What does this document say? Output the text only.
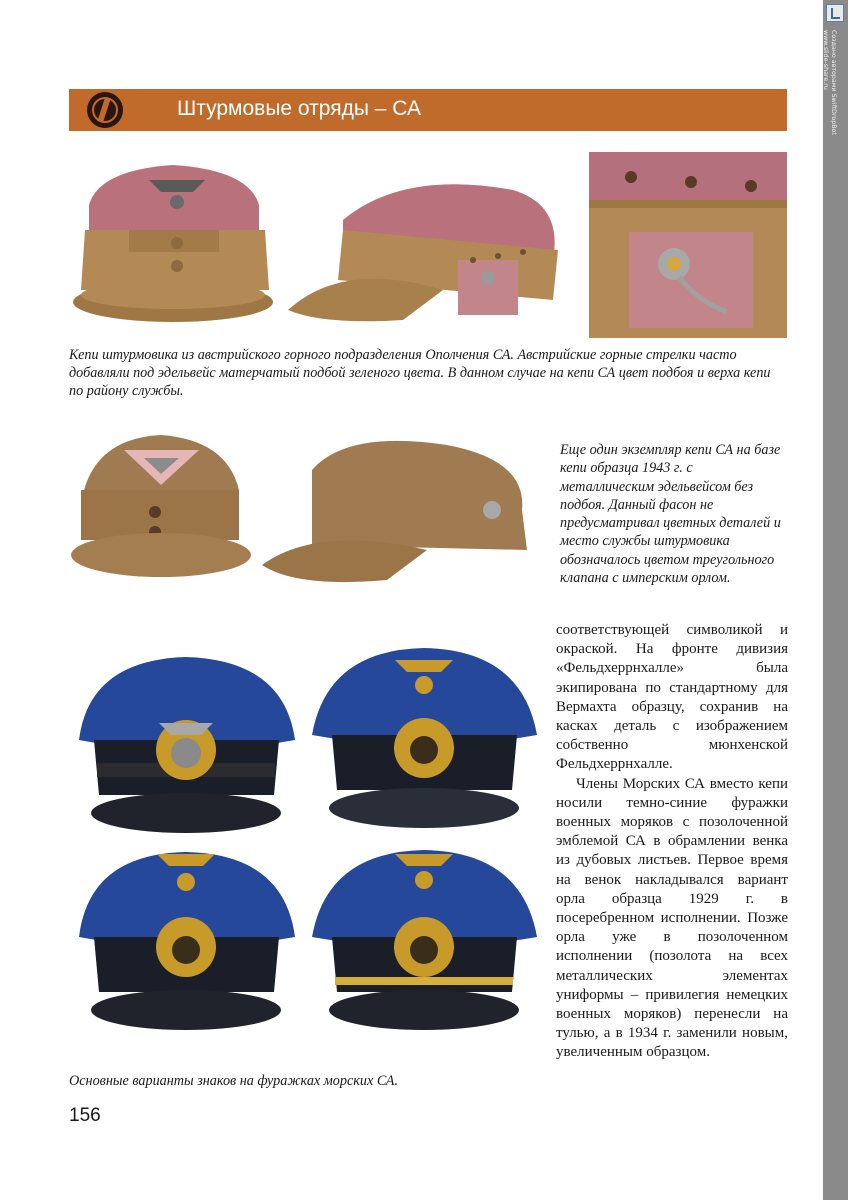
Создано авторами SwiftDropBot
www.slide-share.ru
Штурмовые отряды – СА
Кепи штурмовика из австрийского горного подразделения Ополчения СА. Австрийские горные стрелки часто добавляли под эдельвейс матерчатый подбой зеленого цвета. В данном случае на кепи СА цвет подбоя и верха кепи по району службы.
Еще один экземпляр кепи СА на базе кепи образца 1943 г. с металлическим эдельвейсом без подбоя. Данный фасон не предусматривал цветных деталей и место службы штурмовика обозначалось цветом треугольного клапана с имперским орлом.
Основные варианты знаков на фуражках морских СА.

соответствующей символикой и окраской. На фронте дивизия «Фельдхеррнхалле» была экипирована по стандартному для Вермахта образцу, сохранив на касках деталь с изображением собственно мюнхенской Фельдхеррнхалле.

Члены Морских СА вместо кепи носили темно-синие фуражки военных моряков с позолоченной эмблемой СА в обрамлении венка из дубовых листьев. Первое время на венок накладывался вариант орла образца 1929 г. в посеребренном исполнении. Позже орла уже в позолоченном исполнении (позолота на всех металлических элементах униформы – привилегия немецких военных моряков) перенесли на тулью, а в 1934 г. заменили новым, увеличенным образцом.

156
